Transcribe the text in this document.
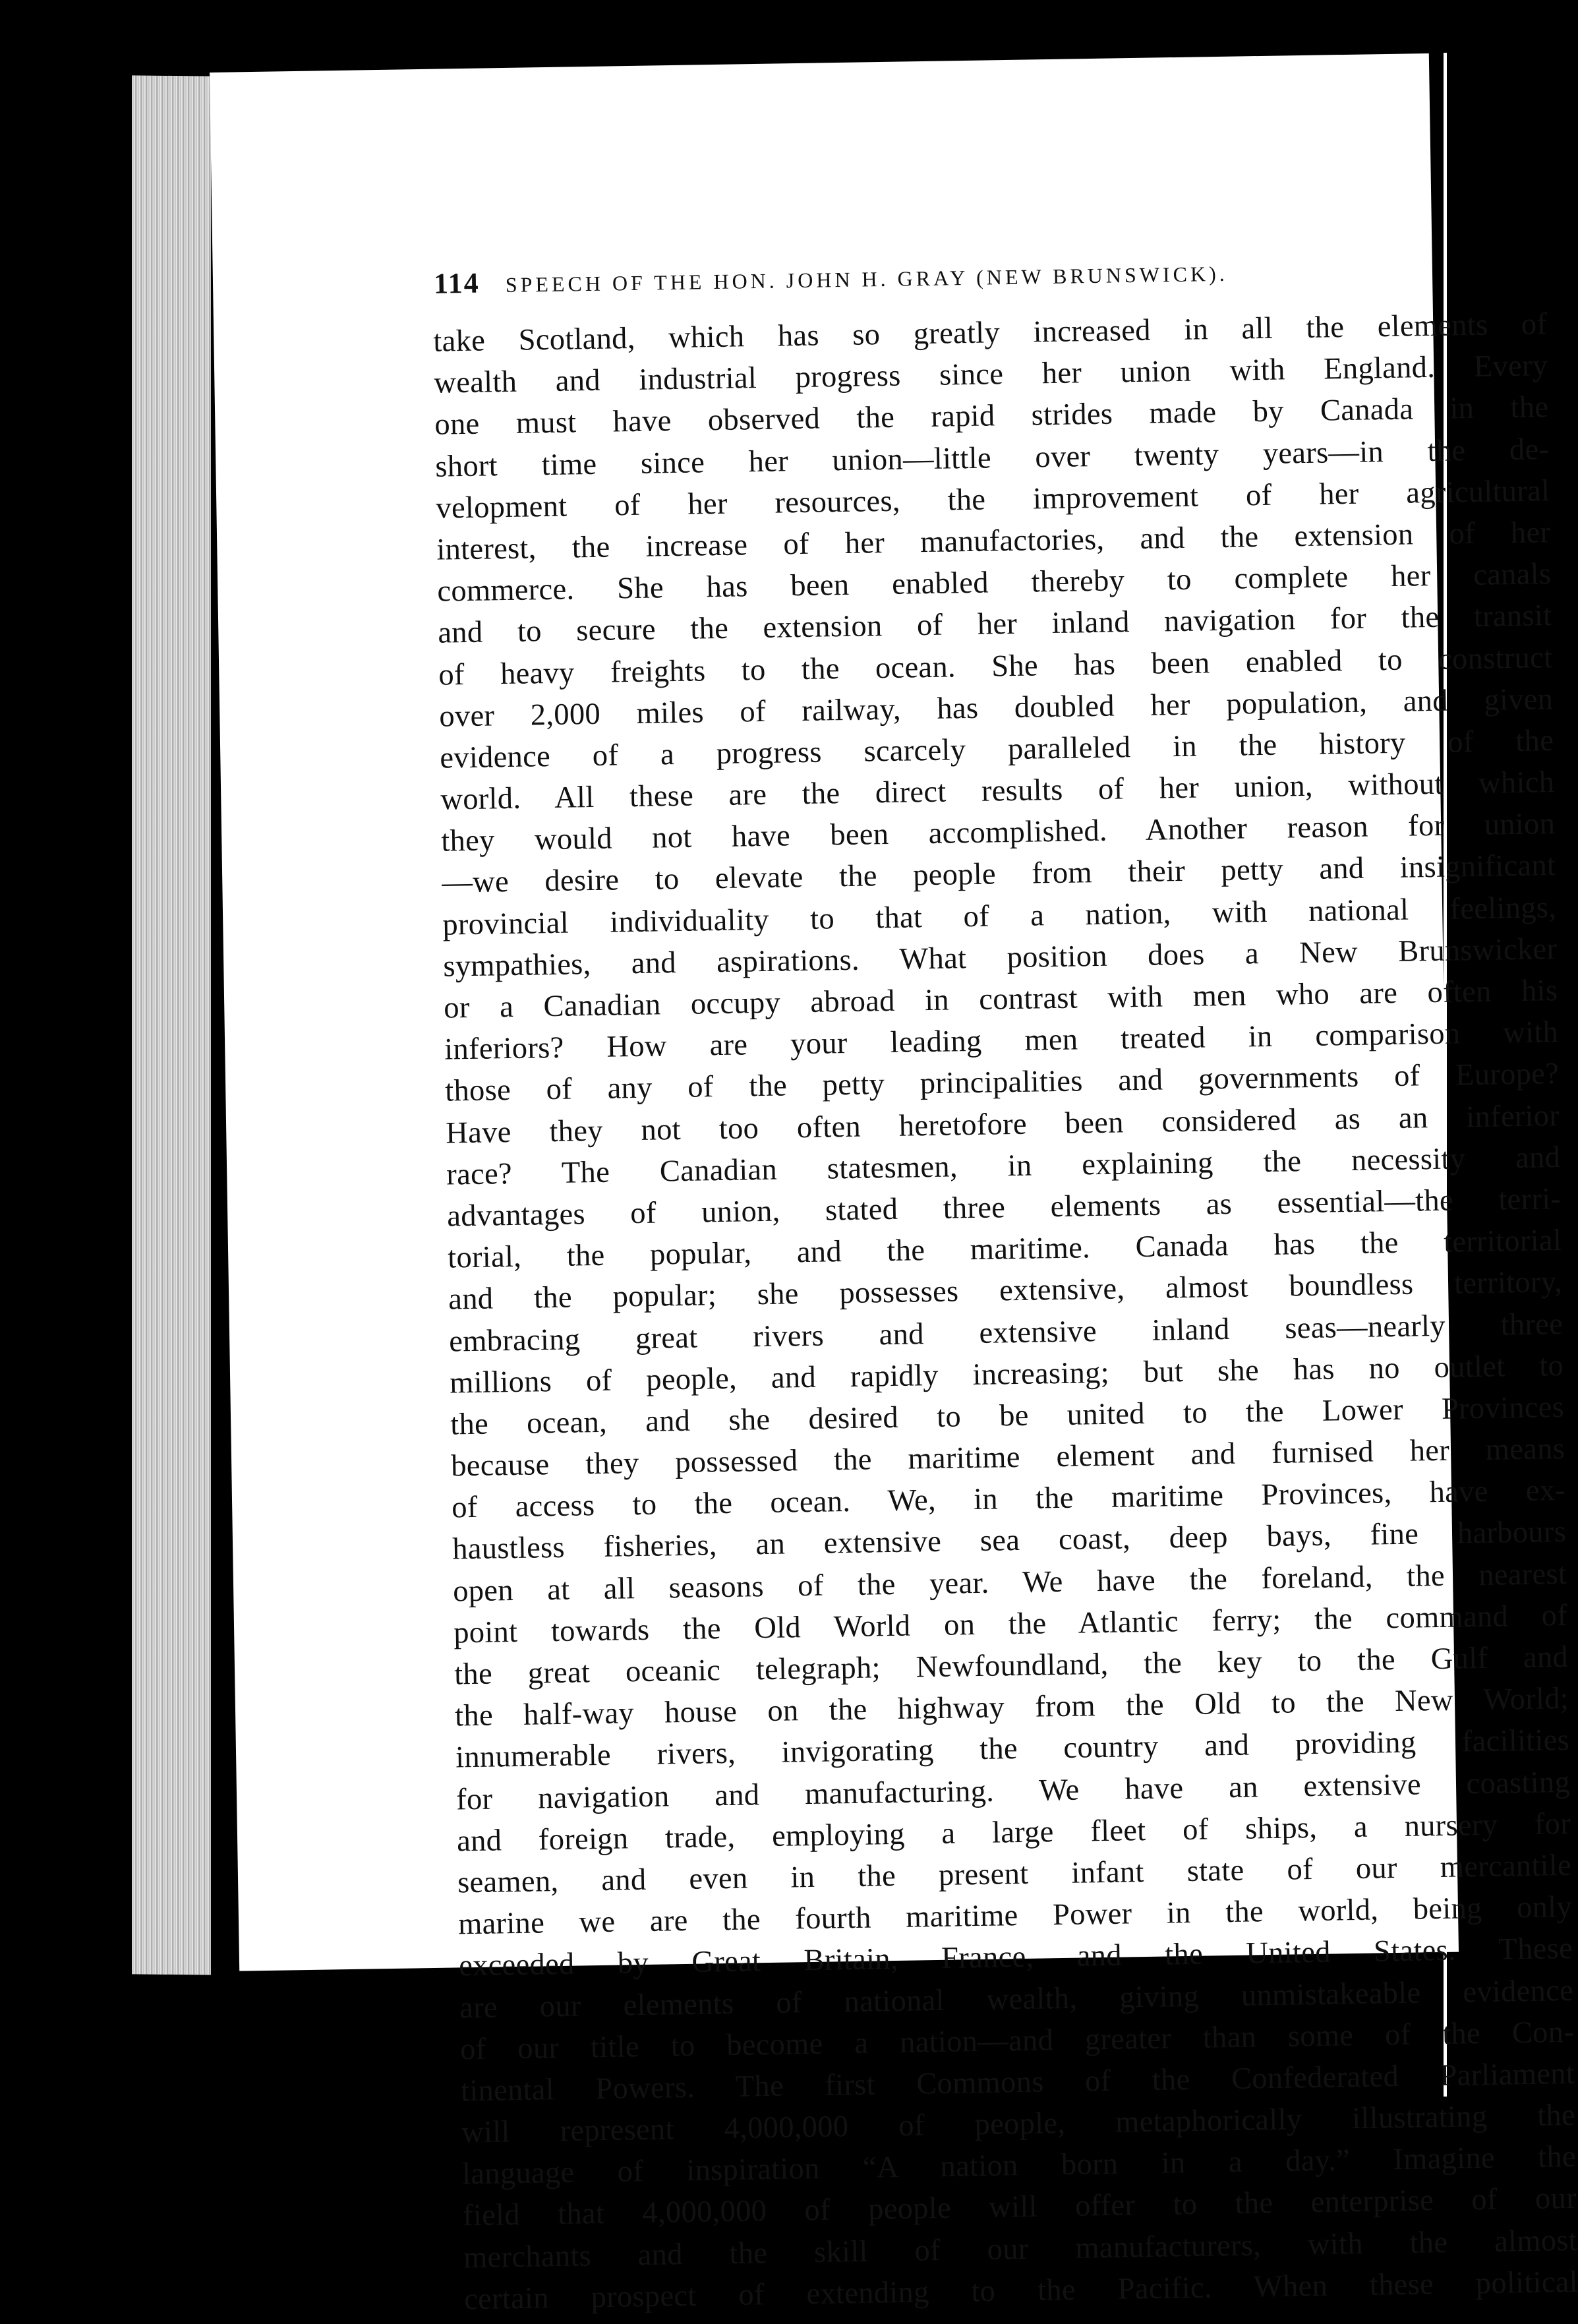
114 SPEECH OF THE HON. JOHN H. GRAY (NEW BRUNSWICK).
take Scotland, which has so greatly increased in all the elements of
wealth and industrial progress since her union with England. Every
one must have observed the rapid strides made by Canada in the
short time since her union—little over twenty years—in the de-
velopment of her resources, the improvement of her agricultural
interest, the increase of her manufactories, and the extension of her
commerce. She has been enabled thereby to complete her canals
and to secure the extension of her inland navigation for the transit
of heavy freights to the ocean. She has been enabled to construct
over 2,000 miles of railway, has doubled her population, and given
evidence of a progress scarcely paralleled in the history of the
world. All these are the direct results of her union, without which
they would not have been accomplished. Another reason for union
—we desire to elevate the people from their petty and insignificant
provincial individuality to that of a nation, with national feelings,
sympathies, and aspirations. What position does a New Brunswicker
or a Canadian occupy abroad in contrast with men who are often his
inferiors? How are your leading men treated in comparison with
those of any of the petty principalities and governments of Europe?
Have they not too often heretofore been considered as an inferior
race? The Canadian statesmen, in explaining the necessity and
advantages of union, stated three elements as essential—the terri-
torial, the popular, and the maritime. Canada has the territorial
and the popular; she possesses extensive, almost boundless territory,
embracing great rivers and extensive inland seas—nearly three
millions of people, and rapidly increasing; but she has no outlet to
the ocean, and she desired to be united to the Lower Provinces
because they possessed the maritime element and furnised her means
of access to the ocean. We, in the maritime Provinces, have ex-
haustless fisheries, an extensive sea coast, deep bays, fine harbours
open at all seasons of the year. We have the foreland, the nearest
point towards the Old World on the Atlantic ferry; the command of
the great oceanic telegraph; Newfoundland, the key to the Gulf and
the half-way house on the highway from the Old to the New World;
innumerable rivers, invigorating the country and providing facilities
for navigation and manufacturing. We have an extensive coasting
and foreign trade, employing a large fleet of ships, a nursery for
seamen, and even in the present infant state of our mercantile
marine we are the fourth maritime Power in the world, being only
exceeded by Great Britain, France, and the United States. These
are our elements of national wealth, giving unmistakeable evidence
of our title to become a nation—and greater than some of the Con-
tinental Powers. The first Commons of the Confederated Parliament
will represent 4,000,000 of people, metaphorically illustrating the
language of inspiration “A nation born in a day.” Imagine the
field that 4,000,000 of people will offer to the enterprise of our
merchants and the skill of our manufacturers, with the almost
certain prospect of extending to the Pacific. When these political
